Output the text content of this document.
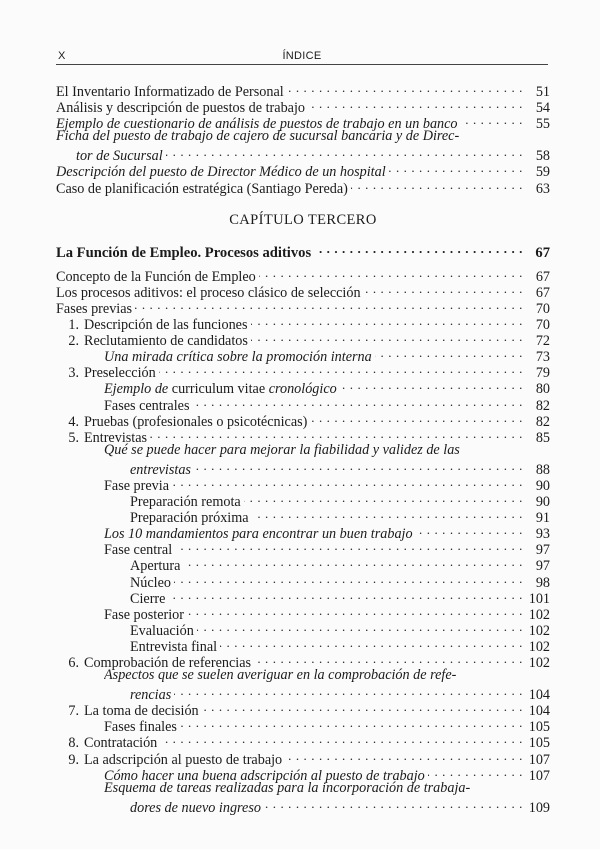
X	ÍNDICE
El Inventario Informatizado de Personal . . .	51
Análisis y descripción de puestos de trabajo . . .	54
Ejemplo de cuestionario de análisis de puestos de trabajo en un banco . . .	55
Ficha del puesto de trabajo de cajero de sucursal bancaria y de Direc-
tor de Sucursal . . .	58
Descripción del puesto de Director Médico de un hospital . . .	59
Caso de planificación estratégica (Santiago Pereda) . . .	63
CAPÍTULO TERCERO
La Función de Empleo. Procesos aditivos . . .	67
Concepto de la Función de Empleo . . .	67
Los procesos aditivos: el proceso clásico de selección . . .	67
Fases previas . . .	70
1. Descripción de las funciones . . .	70
2. Reclutamiento de candidatos . . .	72
Una mirada crítica sobre la promoción interna . . .	73
3. Preselección . . .	79
Ejemplo de curriculum vitae cronológico . . .	80
Fases centrales . . .	82
4. Pruebas (profesionales o psicotécnicas) . . .	82
5. Entrevistas . . .	85
Qué se puede hacer para mejorar la fiabilidad y validez de las
entrevistas . . .	88
Fase previa . . .	90
Preparación remota . . .	90
Preparación próxima . . .	91
Los 10 mandamientos para encontrar un buen trabajo . . .	93
Fase central . . .	97
Apertura . . .	97
Núcleo . . .	98
Cierre . . .	101
Fase posterior . . .	102
Evaluación . . .	102
Entrevista final . . .	102
6. Comprobación de referencias . . .	102
Aspectos que se suelen averiguar en la comprobación de refe-
rencias . . .	104
7. La toma de decisión . . .	104
Fases finales . . .	105
8. Contratación . . .	105
9. La adscripción al puesto de trabajo . . .	107
Cómo hacer una buena adscripción al puesto de trabajo . . .	107
Esquema de tareas realizadas para la incorporación de trabaja-
dores de nuevo ingreso . . .	109
